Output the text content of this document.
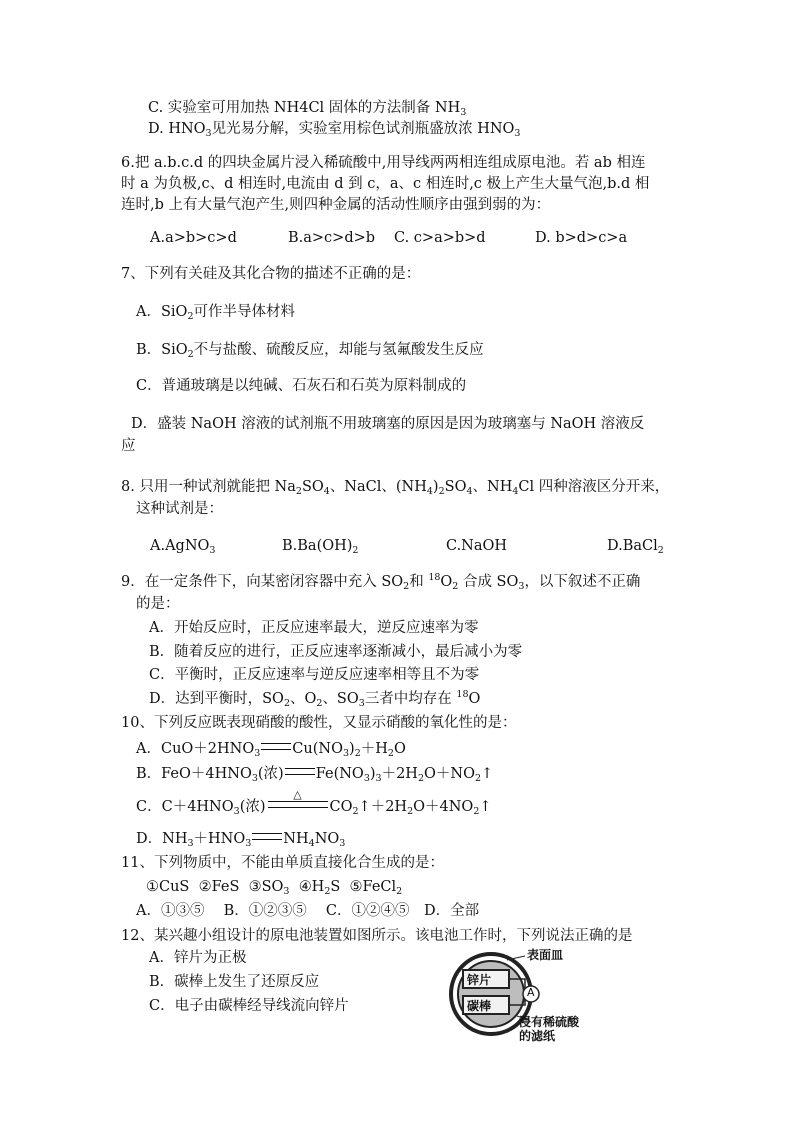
C. 实验室可用加热 NH4Cl 固体的方法制备 $NH_3$
D. $HNO_3$见光易分解，实验室用棕色试剂瓶盛放浓 $HNO_3$
6.把 a.b.c.d 的四块金属片浸入稀硫酸中,用导线两两相连组成原电池。若 ab 相连
时 a 为负极,c、d 相连时,电流由 d 到 c，a、c 相连时,c 极上产生大量气泡,b.d 相
连时,b 上有大量气泡产生,则四种金属的活动性顺序由强到弱的为：
A.a>b>c>d	B.a>c>d>b C. c>a>b>d	D. b>d>c>a
7、下列有关硅及其化合物的描述不正确的是：
A．SiO$_2$可作半导体材料
B．SiO$_2$不与盐酸、硫酸反应，却能与氢氟酸发生反应
C．普通玻璃是以纯碱、石灰石和石英为原料制成的
D．盛装 NaOH 溶液的试剂瓶不用玻璃塞的原因是因为玻璃塞与 NaOH 溶液反
应
8. 只用一种试剂就能把 $Na_2SO_4$、NaCl、$(NH_4)_2SO_4$、$NH_4Cl$ 四种溶液区分开来，
这种试剂是：
A.AgNO$_3$	$B.Ba(OH)_2$	C.NaOH	D.BaCl$_2$
9．在一定条件下，向某密闭容器中充入 $SO_2$和 $^{18}O_2$ 合成 $SO_3$，以下叙述不正确
的是：
A．开始反应时，正反应速率最大，逆反应速率为零
B．随着反应的进行，正反应速率逐渐减小，最后减小为零
C．平衡时，正反应速率与逆反应速率相等且不为零
D．达到平衡时，$SO_2$、$O_2$、$SO_3$三者中均存在 $^{18}$O
10、下列反应既表现硝酸的酸性，又显示硝酸的氧化性的是：
A．$CuO+2HNO_3$ $Cu(NO_3)_2+H_2O$
B．$FeO+4HNO_3$(浓) $Fe(NO_3)_3+2H_2O+NO_2↑$
C．$C+4HNO_3$(浓)
△
$CO_2↑+2H_2O+4NO_2↑$
D．$NH_3+HNO_3$ $NH_4NO_3$
11、下列物质中，不能由单质直接化合生成的是：
①CuS ②FeS $③SO_3$ $④H_2S$ ⑤FeCl$_2$
A．①③⑤　 B．①②③⑤　 C．①②④⑤　D．全部
12、某兴趣小组设计的原电池装置如图所示。该电池工作时，下列说法正确的是
A．锌片为正极
B．碳棒上发生了还原反应
C．电子由碳棒经导线流向锌片
锌片
碳棒
A
表面皿
浸有稀硫酸
的滤纸
